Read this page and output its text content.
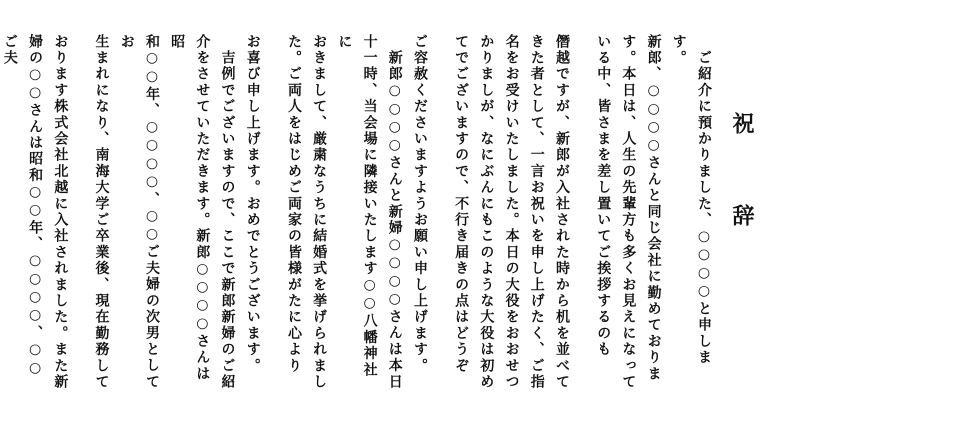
祝　辞
　ご紹介に預かりました、○○○○と申します。
新郎、○○○○さんと同じ会社に勤めておりま
す。本日は、人生の先輩方も多くお見えになって
いる中、皆さまを差し置いてご挨拶するのも
僭越ですが、新郎が入社された時から机を並べて
きた者として、一言お祝いを申し上げたく、ご指
名をお受けいたしました。本日の大役をおおせつ
かりましが、なにぶんにもこのような大役は初め
てでございますので、不行き届きの点はどうぞ
ご容赦くださいますようお願い申し上げます。
　新郎○○○○さんと新婦○○○○さんは本日
十一時、当会場に隣接いたします○○八幡神社に
おきまして、厳粛なうちに結婚式を挙げられまし
た。ご両人をはじめご両家の皆様がたに心より
お喜び申し上げます。おめでとうございます。
　吉例でございますので、ここで新郎新婦のご紹
介をさせていただきます。新郎○○○○さんは昭
和○○年、○○○○、○○ご夫婦の次男としてお
生まれになり、南海大学ご卒業後、現在勤務して
おります株式会社北越に入社されました。また新
婦の○○さんは昭和○○年、○○○○、○○ご夫
